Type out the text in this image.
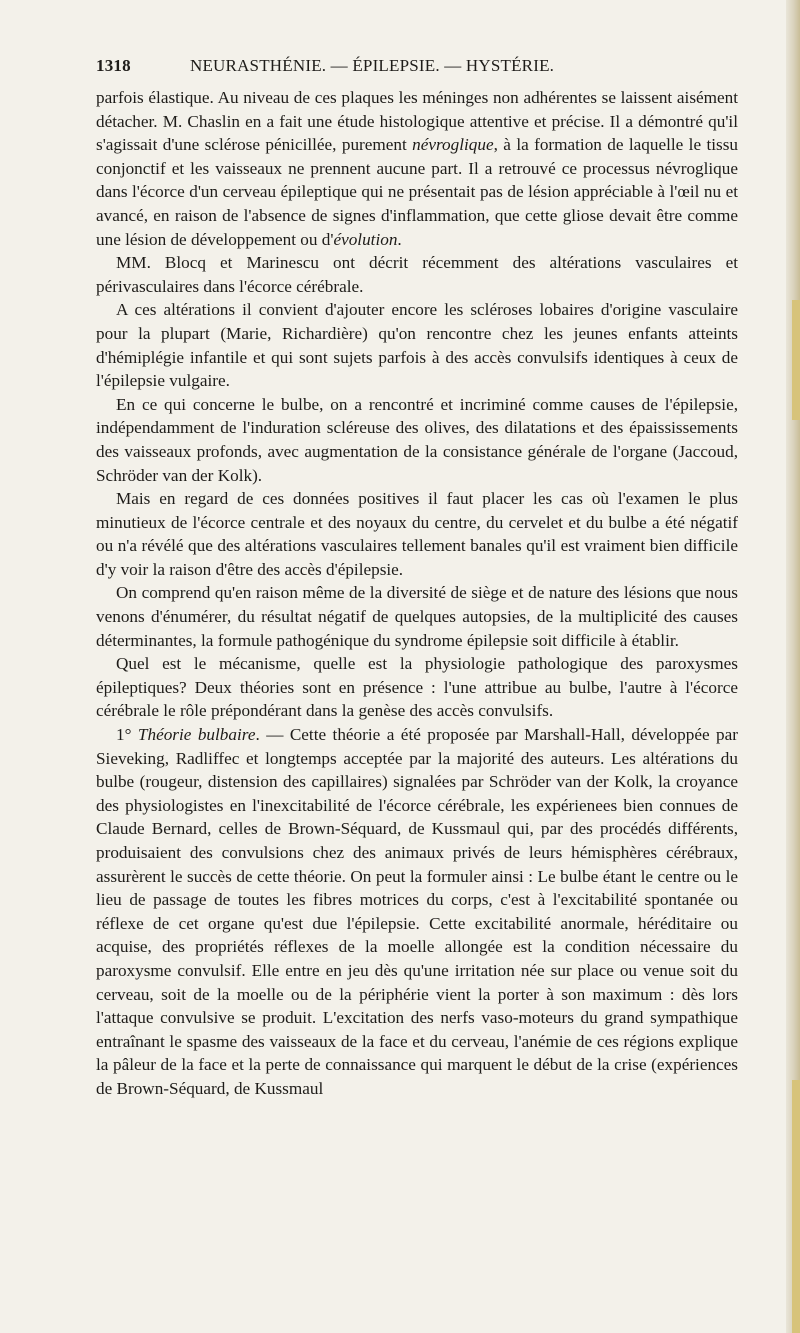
1318	NEURASTHÉNIE. — ÉPILEPSIE. — HYSTÉRIE.

parfois élastique. Au niveau de ces plaques les méninges non adhérentes se laissent aisément détacher. M. Chaslin en a fait une étude histologique attentive et précise. Il a démontré qu'il s'agissait d'une sclérose pénicillée, purement névroglique, à la formation de laquelle le tissu conjonctif et les vaisseaux ne prennent aucune part. Il a retrouvé ce processus névroglique dans l'écorce d'un cerveau épileptique qui ne présentait pas de lésion appréciable à l'œil nu et avancé, en raison de l'absence de signes d'inflammation, que cette gliose devait être comme une lésion de développement ou d'évolution.

MM. Blocq et Marinescu ont décrit récemment des altérations vasculaires et périvasculaires dans l'écorce cérébrale.

A ces altérations il convient d'ajouter encore les scléroses lobaires d'origine vasculaire pour la plupart (Marie, Richardière) qu'on rencontre chez les jeunes enfants atteints d'hémiplégie infantile et qui sont sujets parfois à des accès convulsifs identiques à ceux de l'épilepsie vulgaire.

En ce qui concerne le bulbe, on a rencontré et incriminé comme causes de l'épilepsie, indépendamment de l'induration scléreuse des olives, des dilatations et des épaississements des vaisseaux profonds, avec augmentation de la consistance générale de l'organe (Jaccoud, Schröder van der Kolk).

Mais en regard de ces données positives il faut placer les cas où l'examen le plus minutieux de l'écorce centrale et des noyaux du centre, du cervelet et du bulbe a été négatif ou n'a révélé que des altérations vasculaires tellement banales qu'il est vraiment bien difficile d'y voir la raison d'être des accès d'épilepsie.

On comprend qu'en raison même de la diversité de siège et de nature des lésions que nous venons d'énumérer, du résultat négatif de quelques autopsies, de la multiplicité des causes déterminantes, la formule pathogénique du syndrome épilepsie soit difficile à établir.

Quel est le mécanisme, quelle est la physiologie pathologique des paroxysmes épileptiques? Deux théories sont en présence : l'une attribue au bulbe, l'autre à l'écorce cérébrale le rôle prépondérant dans la genèse des accès convulsifs.

1° Théorie bulbaire. — Cette théorie a été proposée par Marshall-Hall, développée par Sieveking, Radliffec et longtemps acceptée par la majorité des auteurs. Les altérations du bulbe (rougeur, distension des capillaires) signalées par Schröder van der Kolk, la croyance des physiologistes en l'inexcitabilité de l'écorce cérébrale, les expérienees bien connues de Claude Bernard, celles de Brown-Séquard, de Kussmaul qui, par des procédés différents, produisaient des convulsions chez des animaux privés de leurs hémisphères cérébraux, assurèrent le succès de cette théorie. On peut la formuler ainsi : Le bulbe étant le centre ou le lieu de passage de toutes les fibres motrices du corps, c'est à l'excitabilité spontanée ou réflexe de cet organe qu'est due l'épilepsie. Cette excitabilité anormale, héréditaire ou acquise, des propriétés réflexes de la moelle allongée est la condition nécessaire du paroxysme convulsif. Elle entre en jeu dès qu'une irritation née sur place ou venue soit du cerveau, soit de la moelle ou de la périphérie vient la porter à son maximum : dès lors l'attaque convulsive se produit. L'excitation des nerfs vaso-moteurs du grand sympathique entraînant le spasme des vaisseaux de la face et du cerveau, l'anémie de ces régions explique la pâleur de la face et la perte de connaissance qui marquent le début de la crise (expériences de Brown-Séquard, de Kussmaul
